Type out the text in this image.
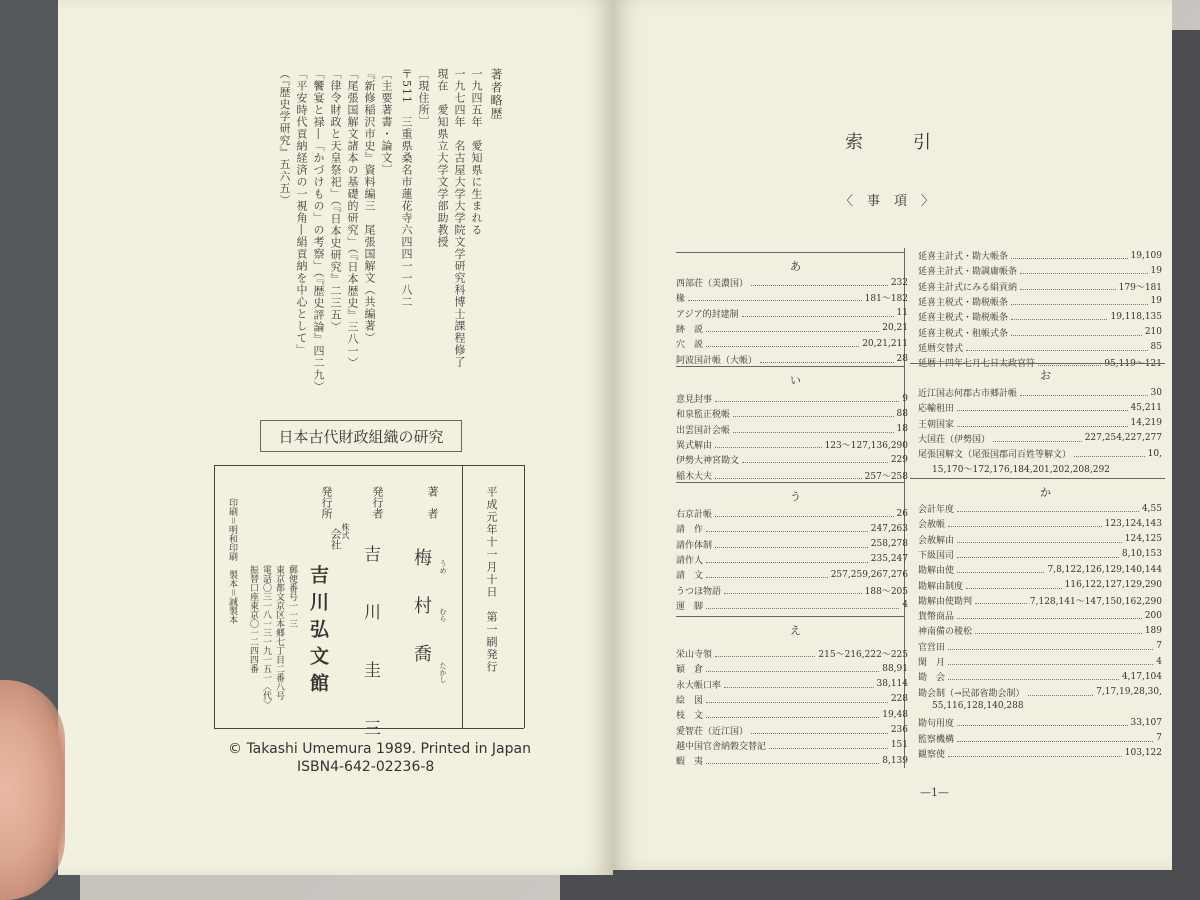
著者略歴
一九四五年　愛知県に生まれる
一九七四年　名古屋大学大学院文学研究科博士課程修了
現在　愛知県立大学文学部助教授
〔現住所〕
〒511　三重県桑名市蓮花寺六四四一一八二
〔主要著書・論文〕
『新修稲沢市史』資料編三　尾張国解文（共編著）
「尾張国解文諸本の基礎的研究」（『日本歴史』三八一）
「律令財政と天皇祭祀」（『日本史研究』二三五）
「饗宴と禄―「かづけもの」の考察」（『歴史評論』四二九）
「平安時代貢納経済の一視角―絹貢納を中心として」
（『歴史学研究』五六五）
日本古代財政組織の研究
平成元年十一月十日　第一刷発行
著　者
梅　村　喬 うめ
むら
たかし
発行者
吉　川　圭　三
発行所
株式
会社
吉川弘文館
郵便番号一一三
東京都文京区本郷七丁目二番八号
電話〇三一八一三一九一五一〈代〉
振替口座東京〇一二四四番
印刷＝明和印刷　製本＝誠製本
© Takashi Umemura 1989. Printed in Japan
ISBN4-642-02236-8
索引
〈事項〉
あ
西部荘（美濃国）	232
椽	181～182
アジア的封建制	11
跡　説	20,21
穴　説	20,21,211
阿波国計帳（大帳）	28
い
意見封事	9
和泉監正税帳	88
出雲国計会帳	18
異式解由	123～127,136,290
伊勢大神宮勘文	229
稲木大夫	257～258
う
右京計帳	26
請　作	247,263
請作体制	258,278
請作人	235,247
請　文	257,259,267,276
うつほ物語	188～205
運　脚	4
え
栄山寺領	215～216,222～225
穎　倉	88,91
永大帳口率	38,114
絵　図	228
枝　文	19,48
愛智荘（近江国）	236
越中国官舎納穀交替記	151
蝦　夷	8,139
延喜主計式・勘大帳条	19,109
延喜主計式・勘調庸帳条	19
延喜主計式にみる絹貢納	179～181
延喜主税式・勘税帳条	19
延喜主税式・勘税帳条	19,118,135
延喜主税式・租帳式条	210
延暦交替式	85
延暦十四年七月七日太政官符	95,119～121
お
近江国志何郡古市郷計帳	30
応輸租田	45,211
王朝国家	14,219
大国荘（伊勢国）	227,254,227,277
尾張国解文（尾張国郡司百姓等解文）	10,
15,170～172,176,184,201,202,208,292
か
会計年度	4,55
会赦帳	123,124,143
会赦解由	124,125
下級国司	8,10,153
勘解由使	7,8,122,126,129,140,144
勘解由制度	116,122,127,129,290
勘解由使勘判	7,128,141～147,150,162,290
貨幣商品	200
神南備の稜松	189
官営田	7
閑　月	4
勘　会	4,17,104
勘会制（→民部省勘会制）	7,17,19,28,30,
55,116,128,140,288
勘句用度	33,107
監察機構	7
観察使	103,122
—1—
